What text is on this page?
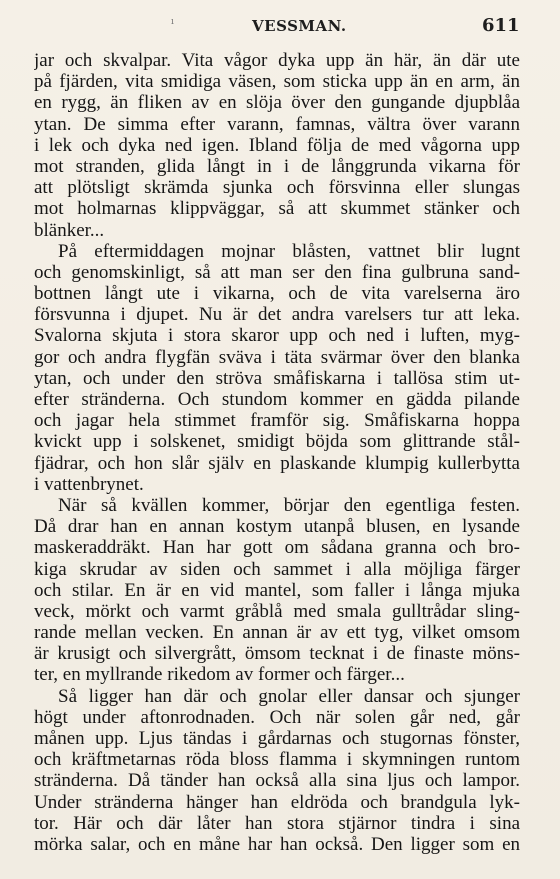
ı	VESSMAN.	611
jar och skvalpar. Vita vågor dyka upp än här, än där ute
på fjärden, vita smidiga väsen, som sticka upp än en arm, än
en rygg, än fliken av en slöja över den gungande djupblåa
ytan. De simma efter varann, famnas, vältra över varann
i lek och dyka ned igen. Ibland följa de med vågorna upp
mot stranden, glida långt in i de långgrunda vikarna för
att plötsligt skrämda sjunka och försvinna eller slungas
mot holmarnas klippväggar, så att skummet stänker och
blänker...
På eftermiddagen mojnar blåsten, vattnet blir lugnt
och genomskinligt, så att man ser den fina gulbruna sand-
bottnen långt ute i vikarna, och de vita varelserna äro
försvunna i djupet. Nu är det andra varelsers tur att leka.
Svalorna skjuta i stora skaror upp och ned i luften, myg-
gor och andra flygfän sväva i täta svärmar över den blanka
ytan, och under den ströva småfiskarna i tallösa stim ut-
efter stränderna. Och stundom kommer en gädda pilande
och jagar hela stimmet framför sig. Småfiskarna hoppa
kvickt upp i solskenet, smidigt böjda som glittrande stål-
fjädrar, och hon slår själv en plaskande klumpig kullerbytta
i vattenbrynet.
När så kvällen kommer, börjar den egentliga festen.
Då drar han en annan kostym utanpå blusen, en lysande
maskeraddräkt. Han har gott om sådana granna och bro-
kiga skrudar av siden och sammet i alla möjliga färger
och stilar. En är en vid mantel, som faller i långa mjuka
veck, mörkt och varmt gråblå med smala gulltrådar sling-
rande mellan vecken. En annan är av ett tyg, vilket omsom
är krusigt och silvergrått, ömsom tecknat i de finaste möns-
ter, en myllrande rikedom av former och färger...
Så ligger han där och gnolar eller dansar och sjunger
högt under aftonrodnaden. Och när solen går ned, går
månen upp. Ljus tändas i gårdarnas och stugornas fönster,
och kräftmetarnas röda bloss flamma i skymningen runtom
stränderna. Då tänder han också alla sina ljus och lampor.
Under stränderna hänger han eldröda och brandgula lyk-
tor. Här och där låter han stora stjärnor tindra i sina
mörka salar, och en måne har han också. Den ligger som en
